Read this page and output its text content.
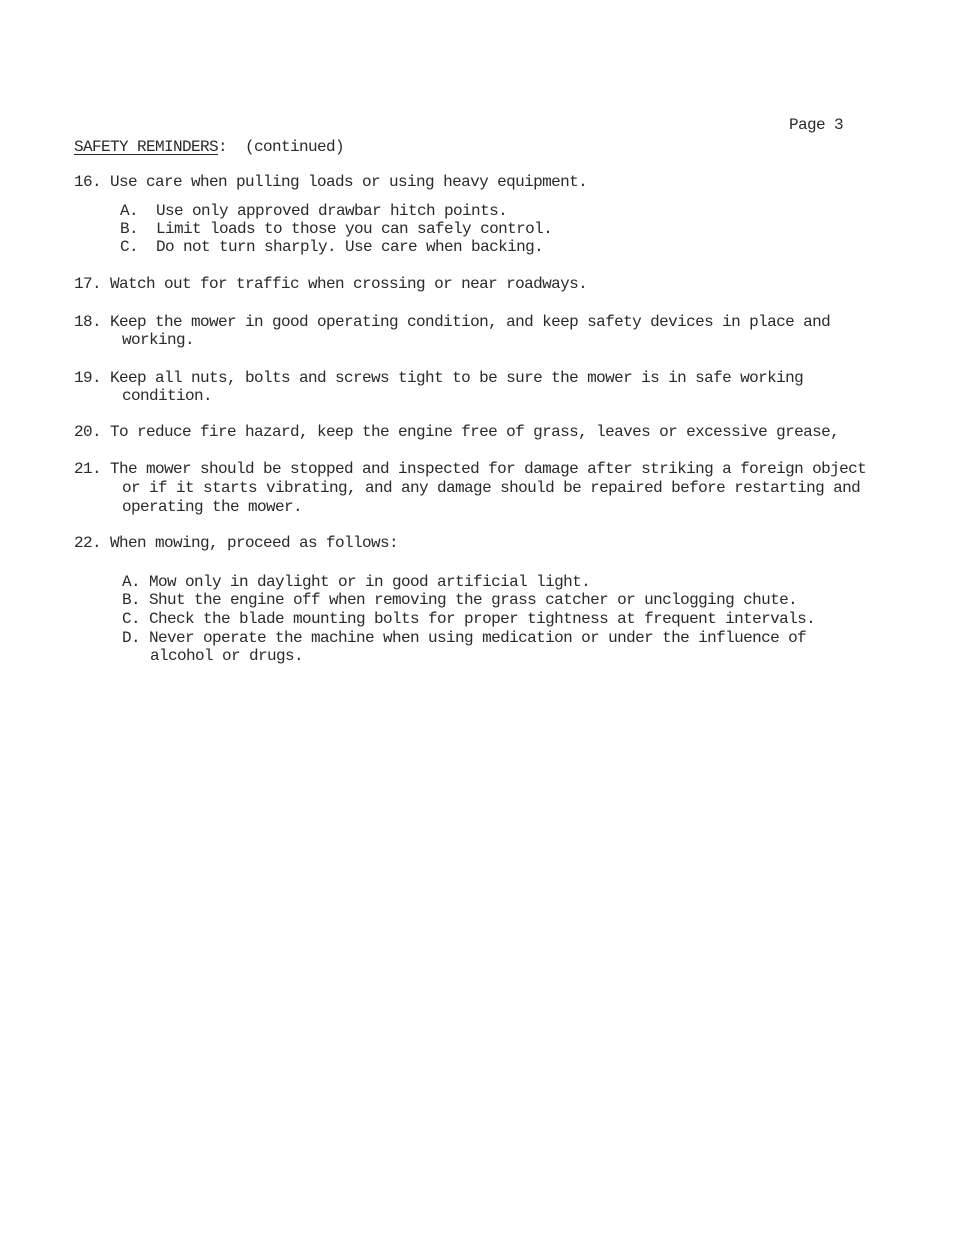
Page 3
SAFETY REMINDERS:  (continued)
16. Use care when pulling loads or using heavy equipment.
A.  Use only approved drawbar hitch points.
B.  Limit loads to those you can safely control.
C.  Do not turn sharply. Use care when backing.
17. Watch out for traffic when crossing or near roadways.
18. Keep the mower in good operating condition, and keep safety devices in place and
working.
19. Keep all nuts, bolts and screws tight to be sure the mower is in safe working
condition.
20. To reduce fire hazard, keep the engine free of grass, leaves or excessive grease,
21. The mower should be stopped and inspected for damage after striking a foreign object
or if it starts vibrating, and any damage should be repaired before restarting and
operating the mower.
22. When mowing, proceed as follows:
A. Mow only in daylight or in good artificial light.
B. Shut the engine off when removing the grass catcher or unclogging chute.
C. Check the blade mounting bolts for proper tightness at frequent intervals.
D. Never operate the machine when using medication or under the influence of
alcohol or drugs.
